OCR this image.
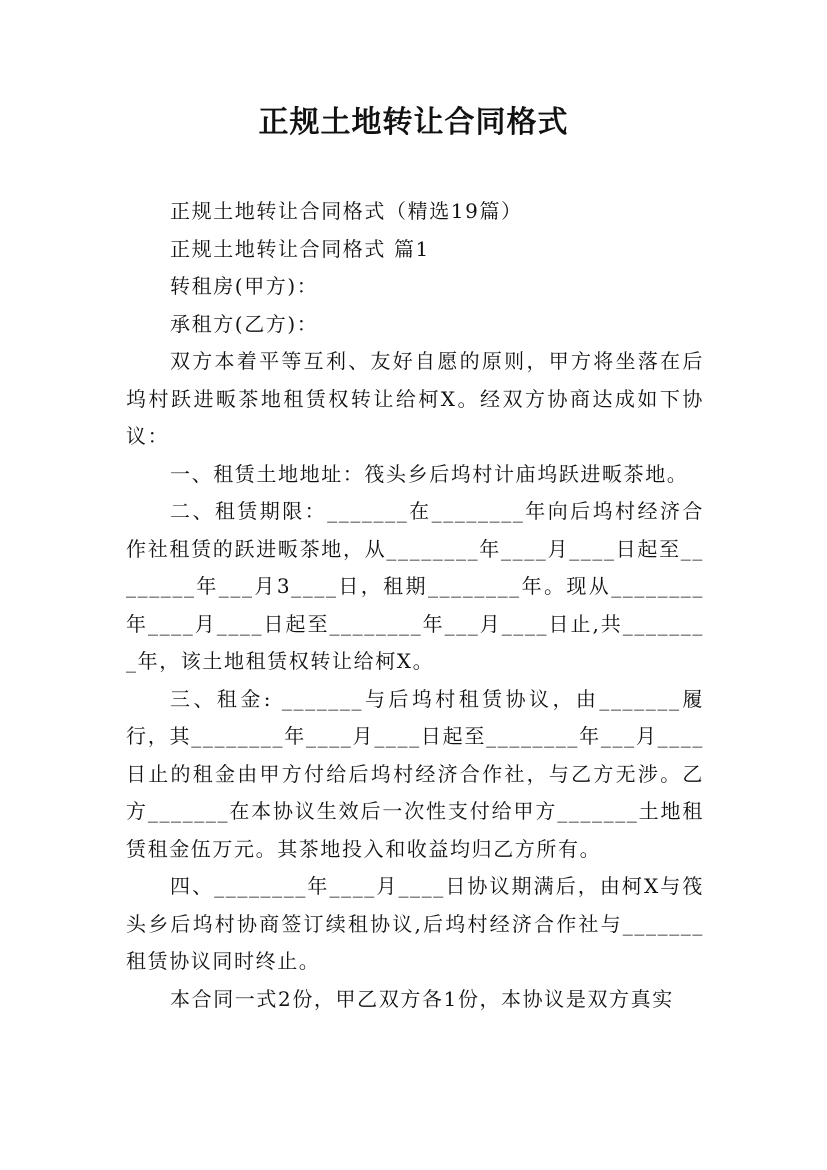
正规土地转让合同格式

正规土地转让合同格式（精选19篇）

正规土地转让合同格式 篇1

转租房(甲方)：

承租方(乙方)：

双方本着平等互利、友好自愿的原则，甲方将坐落在后坞村跃进畈茶地租赁权转让给柯X。经双方协商达成如下协议：

一、租赁土地地址：筏头乡后坞村计庙坞跃进畈茶地。

二、租赁期限：_______在________年向后坞村经济合作社租赁的跃进畈茶地，从________年____月____日起至________年___月3____日，租期________年。现从________年____月____日起至________年___月____日止,共________年，该土地租赁权转让给柯X。

三、租金: _______与后坞村租赁协议，由_______履行，其________年____月____日起至________年___月____日止的租金由甲方付给后坞村经济合作社，与乙方无涉。乙方_______在本协议生效后一次性支付给甲方_______土地租赁租金伍万元。其茶地投入和收益均归乙方所有。

四、________年____月____日协议期满后，由柯X与筏头乡后坞村协商签订续租协议,后坞村经济合作社与_______租赁协议同时终止。

本合同一式2份，甲乙双方各1份，本协议是双方真实
